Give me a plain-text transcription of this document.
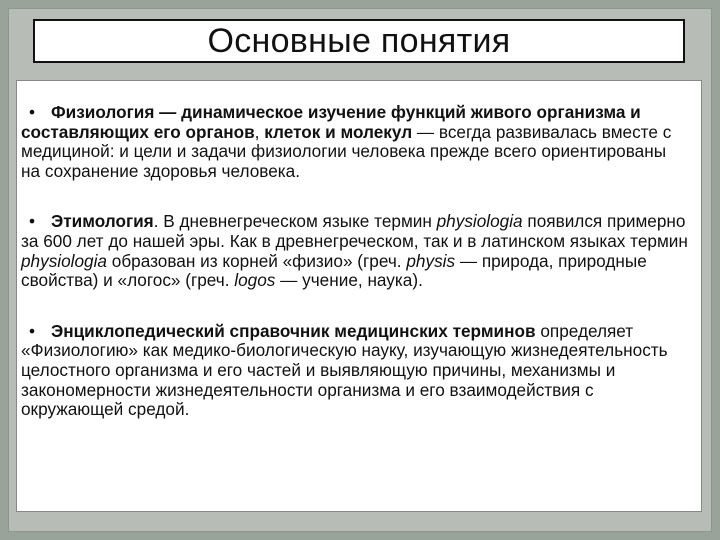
Основные понятия

• Физиология — динамическое изучение функций живого организма и составляющих его органов, клеток и молекул — всегда развивалась вместе с медициной: и цели и задачи физиологии человека прежде всего ориентированы на сохранение здоровья человека.

• Этимология. В дневнегреческом языке термин physiologia появился примерно за 600 лет до нашей эры. Как в древнегреческом, так и в латинском языках термин physiologia образован из корней «физио» (греч. physis — природа, природные свойства) и «логос» (греч. logos — учение, наука).

• Энциклопедический справочник медицинских терминов определяет «Физиологию» как медико-биологическую науку, изучающую жизнедеятельность целостного организма и его частей и выявляющую причины, механизмы и закономерности жизнедеятельности организма и его взаимодействия с окружающей средой.
